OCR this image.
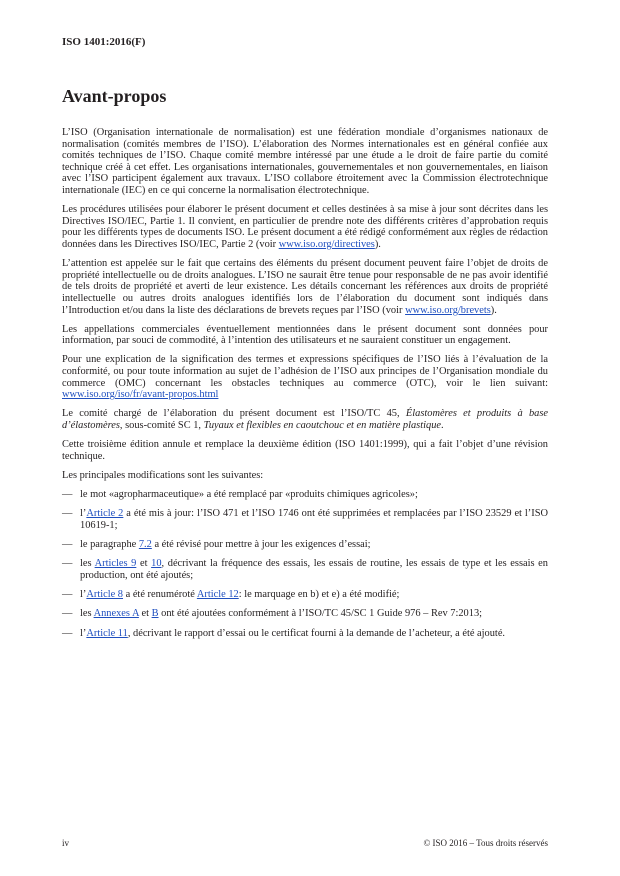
ISO 1401:2016(F)
Avant-propos

L’ISO (Organisation internationale de normalisation) est une fédération mondiale d’organismes nationaux de normalisation (comités membres de l’ISO). L’élaboration des Normes internationales est en général confiée aux comités techniques de l’ISO. Chaque comité membre intéressé par une étude a le droit de faire partie du comité technique créé à cet effet. Les organisations internationales, gouvernementales et non gouvernementales, en liaison avec l’ISO participent également aux travaux. L’ISO collabore étroitement avec la Commission électrotechnique internationale (IEC) en ce qui concerne la normalisation électrotechnique.

Les procédures utilisées pour élaborer le présent document et celles destinées à sa mise à jour sont décrites dans les Directives ISO/IEC, Partie 1. Il convient, en particulier de prendre note des différents critères d’approbation requis pour les différents types de documents ISO. Le présent document a été rédigé conformément aux règles de rédaction données dans les Directives ISO/IEC, Partie 2 (voir www.iso.org/directives).

L’attention est appelée sur le fait que certains des éléments du présent document peuvent faire l’objet de droits de propriété intellectuelle ou de droits analogues. L’ISO ne saurait être tenue pour responsable de ne pas avoir identifié de tels droits de propriété et averti de leur existence. Les détails concernant les références aux droits de propriété intellectuelle ou autres droits analogues identifiés lors de l’élaboration du document sont indiqués dans l’Introduction et/ou dans la liste des déclarations de brevets reçues par l’ISO (voir www.iso.org/brevets).

Les appellations commerciales éventuellement mentionnées dans le présent document sont données pour information, par souci de commodité, à l’intention des utilisateurs et ne sauraient constituer un engagement.

Pour une explication de la signification des termes et expressions spécifiques de l’ISO liés à l’évaluation de la conformité, ou pour toute information au sujet de l’adhésion de l’ISO aux principes de l’Organisation mondiale du commerce (OMC) concernant les obstacles techniques au commerce (OTC), voir le lien suivant: www.iso.org/iso/fr/avant-propos.html

Le comité chargé de l’élaboration du présent document est l’ISO/TC 45, Élastomères et produits à base d’élastomères, sous-comité SC 1, Tuyaux et flexibles en caoutchouc et en matière plastique.

Cette troisième édition annule et remplace la deuxième édition (ISO 1401:1999), qui a fait l’objet d’une révision technique.

Les principales modifications sont les suivantes:

— le mot «agropharmaceutique» a été remplacé par «produits chimiques agricoles»;
— l’Article 2 a été mis à jour: l’ISO 471 et l’ISO 1746 ont été supprimées et remplacées par l’ISO 23529 et l’ISO 10619-1;
— le paragraphe 7.2 a été révisé pour mettre à jour les exigences d’essai;
— les Articles 9 et 10, décrivant la fréquence des essais, les essais de routine, les essais de type et les essais en production, ont été ajoutés;
— l’Article 8 a été renuméroté Article 12: le marquage en b) et e) a été modifié;
— les Annexes A et B ont été ajoutées conformément à l’ISO/TC 45/SC 1 Guide 976 – Rev 7:2013;
— l’Article 11, décrivant le rapport d’essai ou le certificat fourni à la demande de l’acheteur, a été ajouté.
iv	© ISO 2016 – Tous droits réservés
